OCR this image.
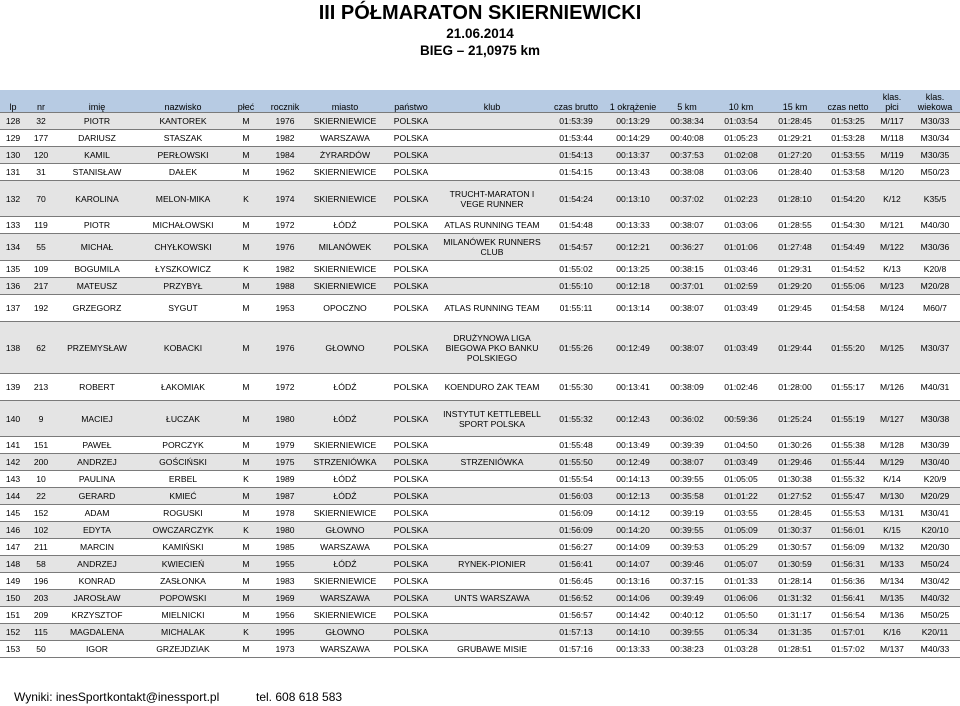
III PÓŁMARATON SKIERNIEWICKI
21.06.2014
BIEG – 21,0975 km
lp	nr	imię	nazwisko	płeć	rocznik	miasto	państwo	klub	czas brutto	1 okrążenie	5 km	10 km	15 km	czas netto	klas. płci	klas. wiekowa
128	32	PIOTR	KANTOREK	M	1976	SKIERNIEWICE	POLSKA		01:53:39	00:13:29	00:38:34	01:03:54	01:28:45	01:53:25	M/117	M30/33
129	177	DARIUSZ	STASZAK	M	1982	WARSZAWA	POLSKA		01:53:44	00:14:29	00:40:08	01:05:23	01:29:21	01:53:28	M/118	M30/34
130	120	KAMIL	PERŁOWSKI	M	1984	ŻYRARDÓW	POLSKA		01:54:13	00:13:37	00:37:53	01:02:08	01:27:20	01:53:55	M/119	M30/35
131	31	STANISŁAW	DAŁEK	M	1962	SKIERNIEWICE	POLSKA		01:54:15	00:13:43	00:38:08	01:03:06	01:28:40	01:53:58	M/120	M50/23
132	70	KAROLINA	MELON-MIKA	K	1974	SKIERNIEWICE	POLSKA	TRUCHT-MARATON I VEGE RUNNER	01:54:24	00:13:10	00:37:02	01:02:23	01:28:10	01:54:20	K/12	K35/5
133	119	PIOTR	MICHAŁOWSKI	M	1972	ŁÓDŹ	POLSKA	ATLAS RUNNING TEAM	01:54:48	00:13:33	00:38:07	01:03:06	01:28:55	01:54:30	M/121	M40/30
134	55	MICHAŁ	CHYŁKOWSKI	M	1976	MILANÓWEK	POLSKA	MILANÓWEK RUNNERS CLUB	01:54:57	00:12:21	00:36:27	01:01:06	01:27:48	01:54:49	M/122	M30/36
135	109	BOGUMILA	ŁYSZKOWICZ	K	1982	SKIERNIEWICE	POLSKA		01:55:02	00:13:25	00:38:15	01:03:46	01:29:31	01:54:52	K/13	K20/8
136	217	MATEUSZ	PRZYBYŁ	M	1988	SKIERNIEWICE	POLSKA		01:55:10	00:12:18	00:37:01	01:02:59	01:29:20	01:55:06	M/123	M20/28
137	192	GRZEGORZ	SYGUT	M	1953	OPOCZNO	POLSKA	ATLAS RUNNING TEAM	01:55:11	00:13:14	00:38:07	01:03:49	01:29:45	01:54:58	M/124	M60/7
138	62	PRZEMYSŁAW	KOBACKI	M	1976	GŁOWNO	POLSKA	DRUŻYNOWA LIGA BIEGOWA PKO BANKU POLSKIEGO	01:55:26	00:12:49	00:38:07	01:03:49	01:29:44	01:55:20	M/125	M30/37
139	213	ROBERT	ŁAKOMIAK	M	1972	ŁÓDŹ	POLSKA	KOENDURO ŻAK TEAM	01:55:30	00:13:41	00:38:09	01:02:46	01:28:00	01:55:17	M/126	M40/31
140	9	MACIEJ	ŁUCZAK	M	1980	ŁÓDŹ	POLSKA	INSTYTUT KETTLEBELL SPORT POLSKA	01:55:32	00:12:43	00:36:02	00:59:36	01:25:24	01:55:19	M/127	M30/38
141	151	PAWEŁ	PORCZYK	M	1979	SKIERNIEWICE	POLSKA		01:55:48	00:13:49	00:39:39	01:04:50	01:30:26	01:55:38	M/128	M30/39
142	200	ANDRZEJ	GOŚCIŃSKI	M	1975	STRZENIÓWKA	POLSKA	STRZENIÓWKA	01:55:50	00:12:49	00:38:07	01:03:49	01:29:46	01:55:44	M/129	M30/40
143	10	PAULINA	ERBEL	K	1989	ŁÓDŹ	POLSKA		01:55:54	00:14:13	00:39:55	01:05:05	01:30:38	01:55:32	K/14	K20/9
144	22	GERARD	KMIEĆ	M	1987	ŁÓDŹ	POLSKA		01:56:03	00:12:13	00:35:58	01:01:22	01:27:52	01:55:47	M/130	M20/29
145	152	ADAM	ROGUSKI	M	1978	SKIERNIEWICE	POLSKA		01:56:09	00:14:12	00:39:19	01:03:55	01:28:45	01:55:53	M/131	M30/41
146	102	EDYTA	OWCZARCZYK	K	1980	GŁOWNO	POLSKA		01:56:09	00:14:20	00:39:55	01:05:09	01:30:37	01:56:01	K/15	K20/10
147	211	MARCIN	KAMIŃSKI	M	1985	WARSZAWA	POLSKA		01:56:27	00:14:09	00:39:53	01:05:29	01:30:57	01:56:09	M/132	M20/30
148	58	ANDRZEJ	KWIECIEŃ	M	1955	ŁÓDŹ	POLSKA	RYNEK-PIONIER	01:56:41	00:14:07	00:39:46	01:05:07	01:30:59	01:56:31	M/133	M50/24
149	196	KONRAD	ZASŁONKA	M	1983	SKIERNIEWICE	POLSKA		01:56:45	00:13:16	00:37:15	01:01:33	01:28:14	01:56:36	M/134	M30/42
150	203	JAROSŁAW	POPOWSKI	M	1969	WARSZAWA	POLSKA	UNTS WARSZAWA	01:56:52	00:14:06	00:39:49	01:06:06	01:31:32	01:56:41	M/135	M40/32
151	209	KRZYSZTOF	MIELNICKI	M	1956	SKIERNIEWICE	POLSKA		01:56:57	00:14:42	00:40:12	01:05:50	01:31:17	01:56:54	M/136	M50/25
152	115	MAGDALENA	MICHALAK	K	1995	GŁOWNO	POLSKA		01:57:13	00:14:10	00:39:55	01:05:34	01:31:35	01:57:01	K/16	K20/11
153	50	IGOR	GRZEJDZIAK	M	1973	WARSZAWA	POLSKA	GRUBAWE MISIE	01:57:16	00:13:33	00:38:23	01:03:28	01:28:51	01:57:02	M/137	M40/33
Wyniki: inesSport kontakt@inessport.pl	tel. 608 618 583
